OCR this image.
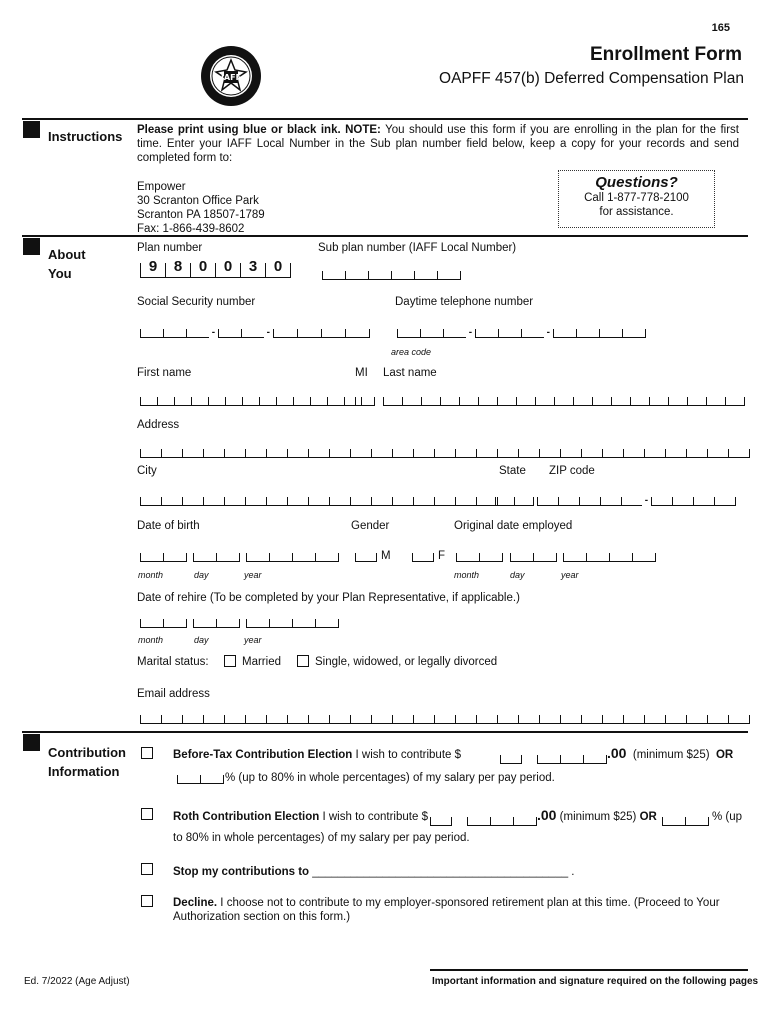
165
Enrollment Form
OAPFF 457(b) Deferred Compensation Plan
IAFF
Instructions Please print using blue or black ink. NOTE: You should use this form if you are enrolling in the plan for the first time. Enter your IAFF Local Number in the Sub plan number field below, keep a copy for your records and send completed form to:
Empower
30 Scranton Office Park
Scranton PA 18507-1789
Fax: 1-866-439-8602
Questions?
Call 1-877-778-2100
for assistance.
About
You
Plan number
9	8	0	0	3	0
Sub plan number (IAFF Local Number)
Social Security number
-	-
Daytime telephone number
-	-
area code
First name	MI Last name
Address
City	State ZIP code
-
Date of birth	Gender	Original date employed
M	F
month	day	year	month	day	year
Date of rehire (To be completed by your Plan Representative, if applicable.)
month	day	year
Marital status:	Married	Single, widowed, or legally divorced
Email address
Contribution
Information
Before-Tax Contribution Election I wish to contribute $	.00 (minimum $25) OR
% (up to 80% in whole percentages) of my salary per pay period.
Roth Contribution Election I wish to contribute $	.00 (minimum $25) OR	% (up
to 80% in whole percentages) of my salary per pay period.
Stop my contributions to ________________________________________ .
Decline. I choose not to contribute to my employer-sponsored retirement plan at this time. (Proceed to Your
Authorization section on this form.)
Ed. 7/2022 (Age Adjust)	Important information and signature required on the following pages
